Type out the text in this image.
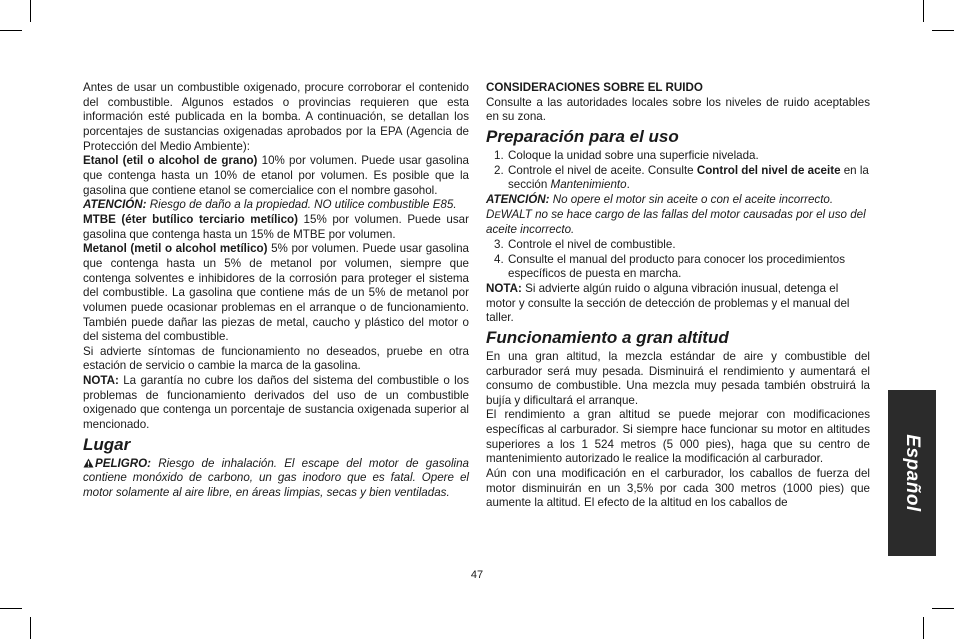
Antes de usar un combustible oxigenado, procure corroborar el contenido del combustible. Algunos estados o provincias requieren que esta información esté publicada en la bomba. A continuación, se detallan los porcentajes de sustancias oxigenadas aprobados por la EPA (Agencia de Protección del Medio Ambiente):

Etanol (etil o alcohol de grano) 10% por volumen. Puede usar gasolina que contenga hasta un 10% de etanol por volumen. Es posible que la gasolina que contiene etanol se comercialice con el nombre gasohol.

ATENCIÓN: Riesgo de daño a la propiedad. NO utilice combustible E85.

MTBE (éter butílico terciario metílico) 15% por volumen. Puede usar gasolina que contenga hasta un 15% de MTBE por volumen.

Metanol (metil o alcohol metílico) 5% por volumen. Puede usar gasolina que contenga hasta un 5% de metanol por volumen, siempre que contenga solventes e inhibidores de la corrosión para proteger el sistema del combustible. La gasolina que contiene más de un 5% de metanol por volumen puede ocasionar problemas en el arranque o de funcionamiento. También puede dañar las piezas de metal, caucho y plástico del motor o del sistema del combustible.

Si advierte síntomas de funcionamiento no deseados, pruebe en otra estación de servicio o cambie la marca de la gasolina.

NOTA: La garantía no cubre los daños del sistema del combustible o los problemas de funcionamiento derivados del uso de un combustible oxigenado que contenga un porcentaje de sustancia oxigenada superior al mencionado.

Lugar

PELIGRO: Riesgo de inhalación. El escape del motor de gasolina contiene monóxido de carbono, un gas inodoro que es fatal. Opere el motor solamente al aire libre, en áreas limpias, secas y bien ventiladas.

CONSIDERACIONES SOBRE EL RUIDO

Consulte a las autoridades locales sobre los niveles de ruido aceptables en su zona.

Preparación para el uso
1. Coloque la unidad sobre una superficie nivelada.
2. Controle el nivel de aceite. Consulte Control del nivel de aceite en la sección Mantenimiento.

ATENCIÓN: No opere el motor sin aceite o con el aceite incorrecto. DEWALT no se hace cargo de las fallas del motor causadas por el uso del aceite incorrecto.

3. Controle el nivel de combustible.
4. Consulte el manual del producto para conocer los procedimientos específicos de puesta en marcha.

NOTA: Si advierte algún ruido o alguna vibración inusual, detenga el motor y consulte la sección de detección de problemas y el manual del taller.

Funcionamiento a gran altitud

En una gran altitud, la mezcla estándar de aire y combustible del carburador será muy pesada. Disminuirá el rendimiento y aumentará el consumo de combustible. Una mezcla muy pesada también obstruirá la bujía y dificultará el arranque.

El rendimiento a gran altitud se puede mejorar con modificaciones específicas al carburador. Si siempre hace funcionar su motor en altitudes superiores a los 1 524 metros (5 000 pies), haga que su centro de mantenimiento autorizado le realice la modificación al carburador.

Aún con una modificación en el carburador, los caballos de fuerza del motor disminuirán en un 3,5% por cada 300 metros (1000 pies) que aumente la altitud. El efecto de la altitud en los caballos de	Español
47
